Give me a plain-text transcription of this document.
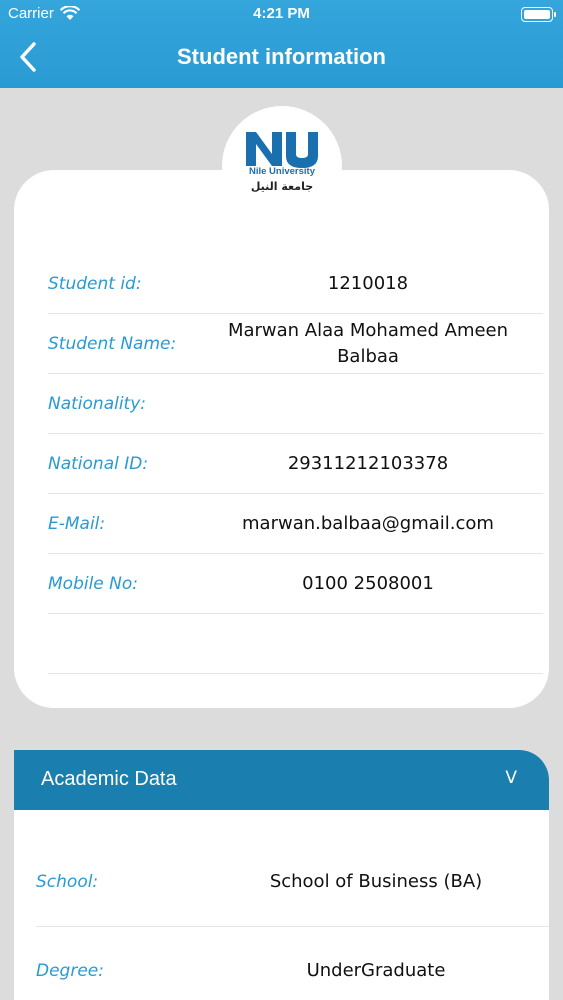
Carrier	4:21 PM
Student information
Nile University
جامعة النيل
Student id:	1210018
Student Name:
Marwan Alaa Mohamed Ameen Balbaa
Nationality:
National ID:	29311212103378
E-Mail:	marwan.balbaa@gmail.com
Mobile No:	0100 2508001
Academic Data	V
School:	School of Business (BA)
Degree:	UnderGraduate
